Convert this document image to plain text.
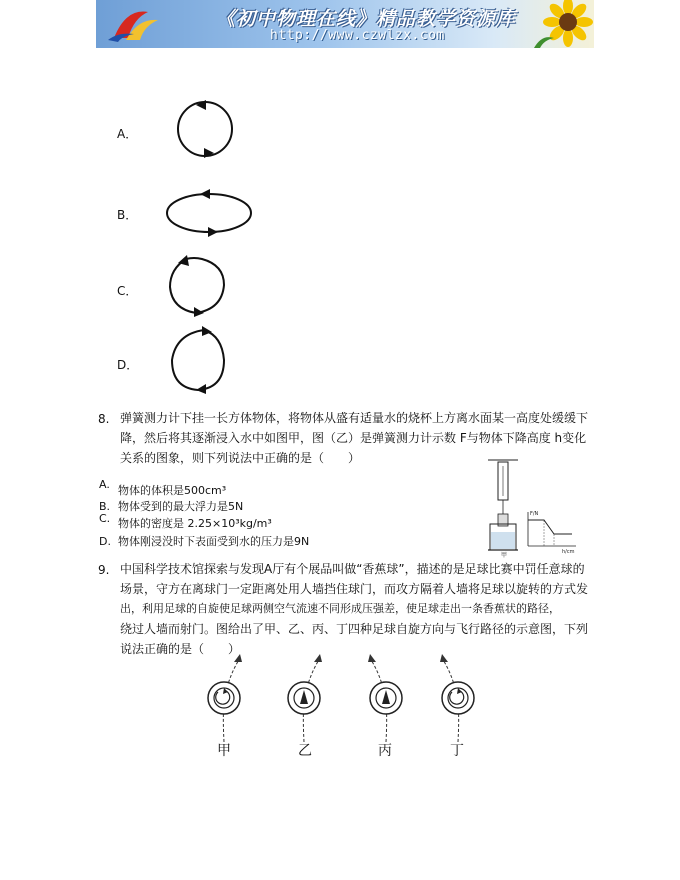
《初中物理在线》精品教学资源库
http://www.czwlzx.com
A．
B．
C．
D．
8. 弹簧测力计下挂一长方体物体，将物体从盛有适量水的烧杯上方离水面某一高度处缓缓下
降，然后将其逐渐浸入水中如图甲，图（乙）是弹簧测力计示数 F与物体下降高度 h变化
关系的图象，则下列说法中正确的是（　　）
A. 物体的体积是500cm³
B. 物体受到的最大浮力是5N
C. 物体的密度是 2.25×10³kg/m³
D. 物体刚浸没时下表面受到水的压力是9N
甲
F/N
h/cm
9. 中国科学技术馆探索与发现A厅有个展品叫做“香蕉球”，描述的是足球比赛中罚任意球的
场景，守方在离球门一定距离处用人墙挡住球门，而攻方隔着人墙将足球以旋转的方式发
出，利用足球的自旋使足球两侧空气流速不同形成压强差，使足球走出一条香蕉状的路径，
绕过人墙而射门。图给出了甲、乙、丙、丁四种足球自旋方向与飞行路径的示意图，下列
说法正确的是（　　）
甲	乙	丙	丁
